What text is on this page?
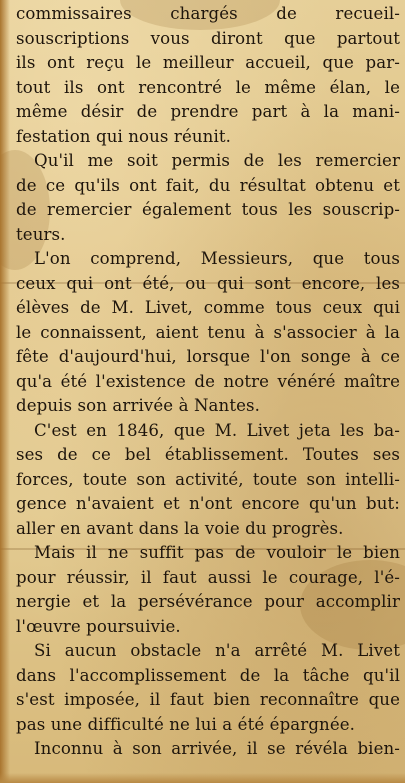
commissaires chargés de recueil-
souscriptions vous diront que partout
ils ont reçu le meilleur accueil, que par-
tout ils ont rencontré le même élan, le
même désir de prendre part à la mani-
festation qui nous réunit.
Qu'il me soit permis de les remercier
de ce qu'ils ont fait, du résultat obtenu et
de remercier également tous les souscrip-
teurs.
L'on comprend, Messieurs, que tous
ceux qui ont été, ou qui sont encore, les
élèves de M. Livet, comme tous ceux qui
le connaissent, aient tenu à s'associer à la
fête d'aujourd'hui, lorsque l'on songe à ce
qu'a été l'existence de notre vénéré maître
depuis son arrivée à Nantes.
C'est en 1846, que M. Livet jeta les ba-
ses de ce bel établissement. Toutes ses
forces, toute son activité, toute son intelli-
gence n'avaient et n'ont encore qu'un but:
aller en avant dans la voie du progrès.
Mais il ne suffit pas de vouloir le bien
pour réussir, il faut aussi le courage, l'é-
nergie et la persévérance pour accomplir
l'œuvre poursuivie.
Si aucun obstacle n'a arrêté M. Livet
dans l'accomplissement de la tâche qu'il
s'est imposée, il faut bien reconnaître que
pas une difficulté ne lui a été épargnée.
Inconnu à son arrivée, il se révéla bien-
